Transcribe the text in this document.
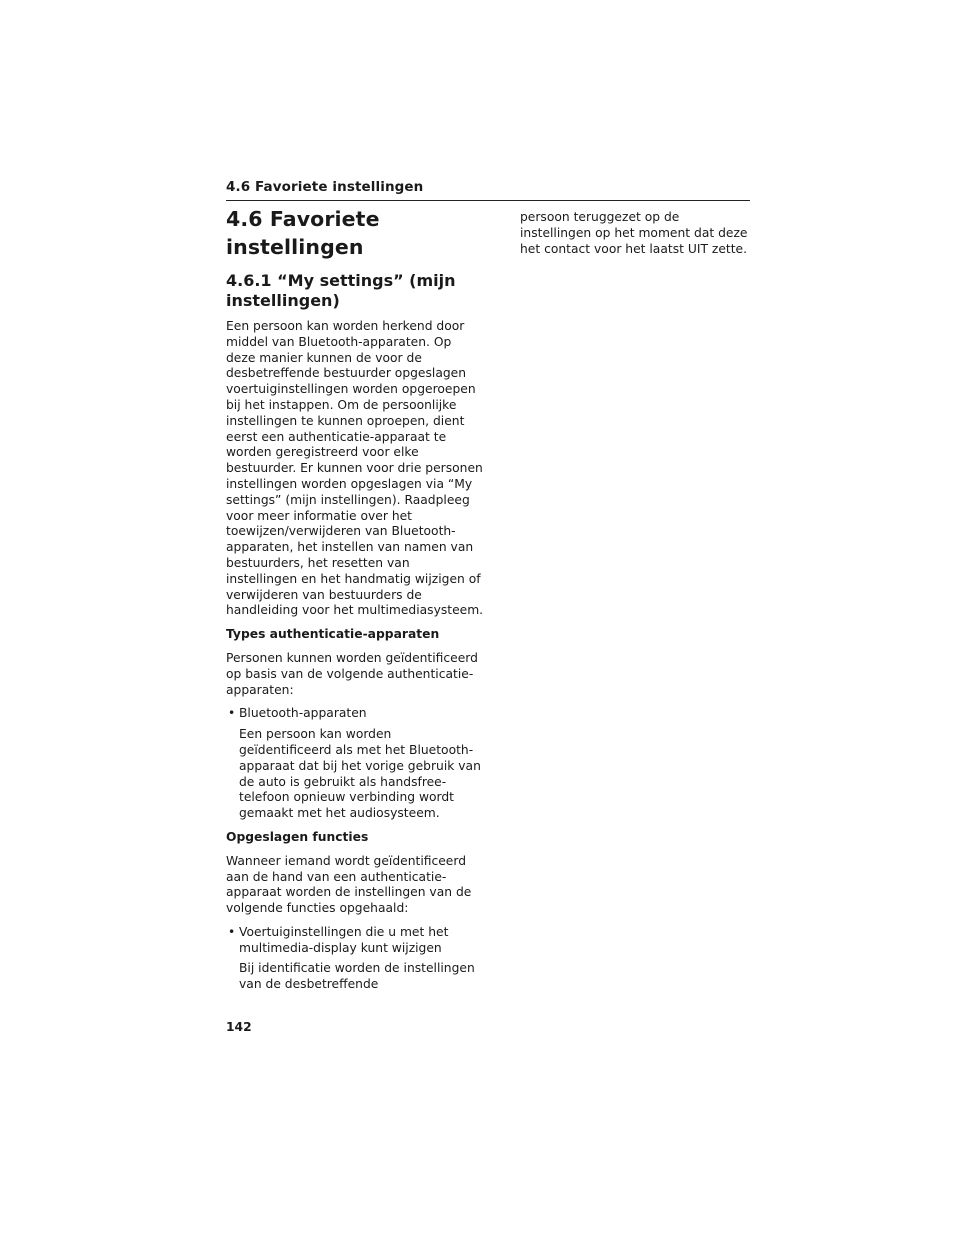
4.6 Favoriete instellingen
4.6 Favoriete instellingen
4.6.1 “My settings” (mijn instellingen)

Een persoon kan worden herkend door middel van Bluetooth-apparaten. Op deze manier kunnen de voor de desbetreffende bestuurder opgeslagen voertuiginstellingen worden opgeroepen bij het instappen. Om de persoonlijke instellingen te kunnen oproepen, dient eerst een authenticatie-apparaat te worden geregistreerd voor elke bestuurder. Er kunnen voor drie personen instellingen worden opgeslagen via “My settings” (mijn instellingen). Raadpleeg voor meer informatie over het toewijzen/verwijderen van Bluetooth-apparaten, het instellen van namen van bestuurders, het resetten van instellingen en het handmatig wijzigen of verwijderen van bestuurders de handleiding voor het multimediasysteem.

Types authenticatie-apparaten

Personen kunnen worden geïdentificeerd op basis van de volgende authenticatie-apparaten:

• Bluetooth-apparaten
Een persoon kan worden geïdentificeerd als met het Bluetooth-apparaat dat bij het vorige gebruik van de auto is gebruikt als handsfree-telefoon opnieuw verbinding wordt gemaakt met het audiosysteem.
Opgeslagen functies

Wanneer iemand wordt geïdentificeerd aan de hand van een authenticatie-apparaat worden de instellingen van de volgende functies opgehaald:

• Voertuiginstellingen die u met het multimedia-display kunt wijzigen
Bij identificatie worden de instellingen van de desbetreffende

persoon teruggezet op de instellingen op het moment dat deze het contact voor het laatst UIT zette.

142
